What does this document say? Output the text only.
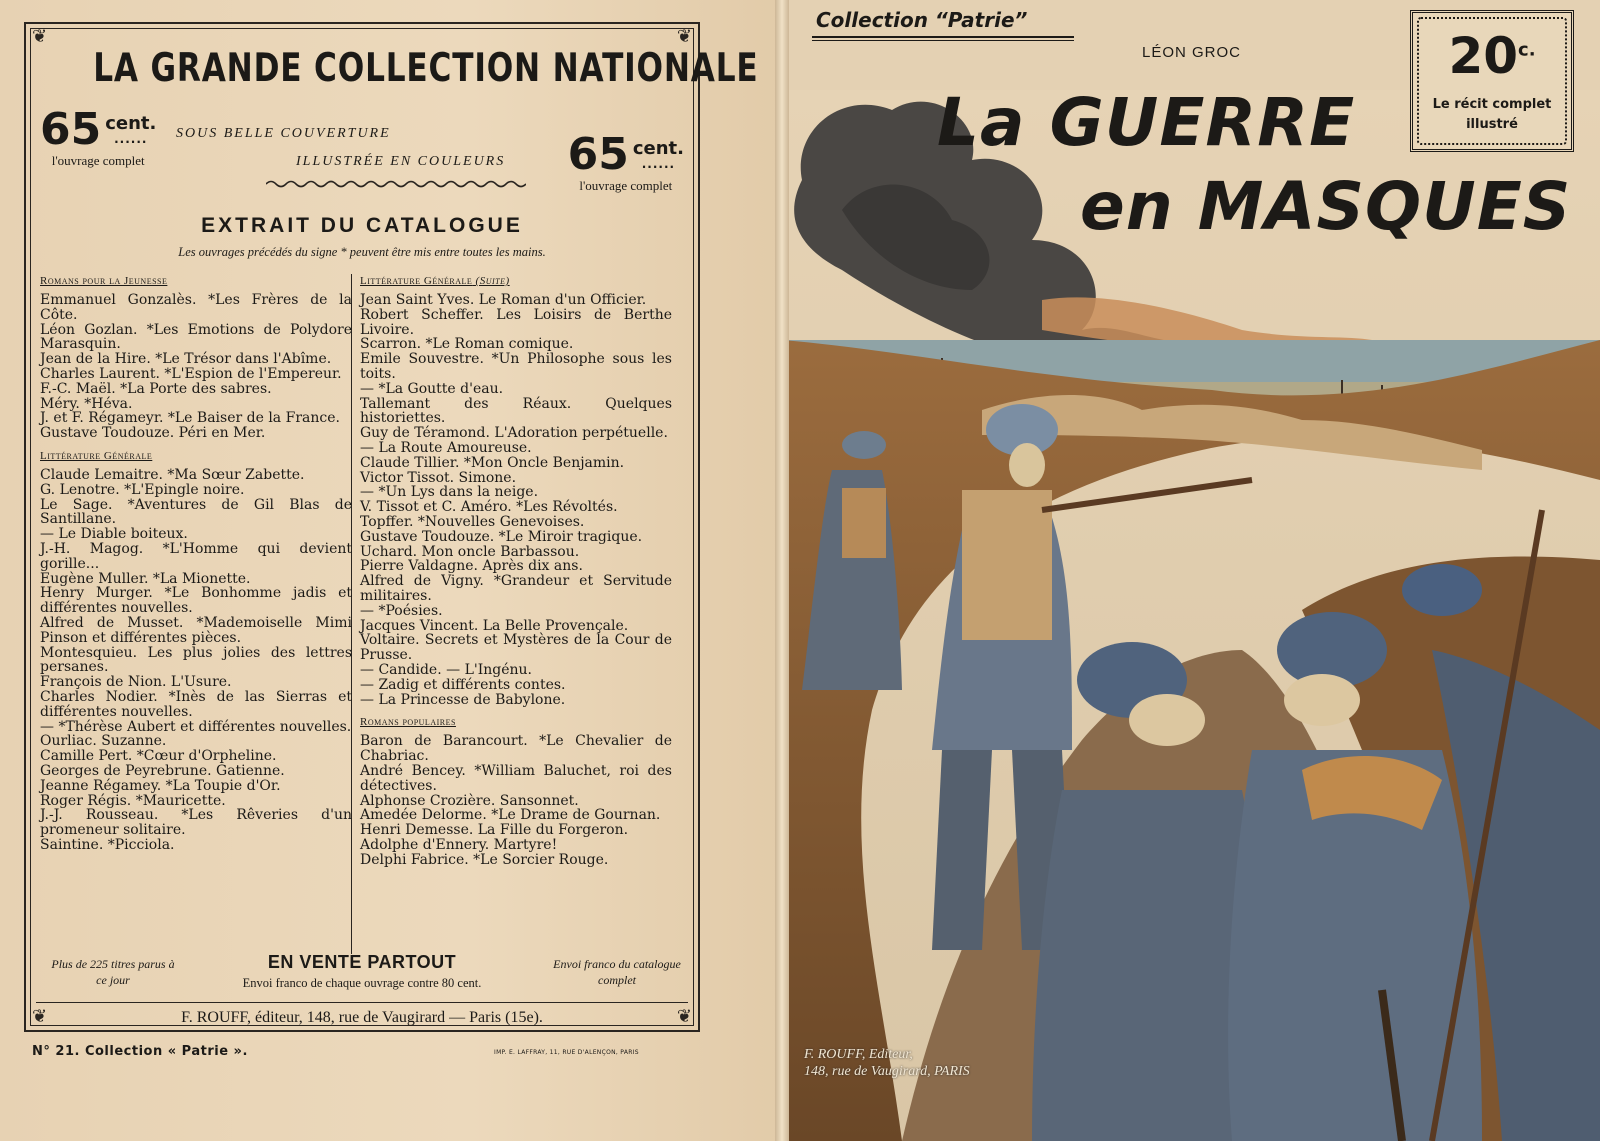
❦	❦
❦	❦
LA GRANDE COLLECTION NATIONALE
65 cent. ......
l'ouvrage complet
SOUS BELLE COUVERTURE
ILLUSTRÉE EN COULEURS 65 cent. ......
l'ouvrage complet
EXTRAIT DU CATALOGUE
Les ouvrages précédés du signe * peuvent être mis entre toutes les mains.
Romans pour la Jeunesse
Emmanuel Gonzalès. *Les Frères de la Côte.
Léon Gozlan. *Les Emotions de Polydore Marasquin.
Jean de la Hire. *Le Trésor dans l'Abîme.
Charles Laurent. *L'Espion de l'Empereur.
F.-C. Maël. *La Porte des sabres.
Méry. *Héva.
J. et F. Régameyr. *Le Baiser de la France.
Gustave Toudouze. Péri en Mer.
Littérature Générale
Claude Lemaitre. *Ma Sœur Zabette.
G. Lenotre. *L'Epingle noire.
Le Sage. *Aventures de Gil Blas de Santillane.
— Le Diable boiteux.
J.-H. Magog. *L'Homme qui devient gorille...
Eugène Muller. *La Mionette.
Henry Murger. *Le Bonhomme jadis et différentes nouvelles.
Alfred de Musset. *Mademoiselle Mimi Pinson et différentes pièces.
Montesquieu. Les plus jolies des lettres persanes.
François de Nion. L'Usure.
Charles Nodier. *Inès de las Sierras et différentes nouvelles.
— *Thérèse Aubert et différentes nouvelles.
Ourliac. Suzanne.
Camille Pert. *Cœur d'Orpheline.
Georges de Peyrebrune. Gatienne.
Jeanne Régamey. *La Toupie d'Or.
Roger Régis. *Mauricette.
J.-J. Rousseau. *Les Rêveries d'un promeneur solitaire.
Saintine. *Picciola.
Littérature Générale (Suite)
Jean Saint Yves. Le Roman d'un Officier.
Robert Scheffer. Les Loisirs de Berthe Livoire.
Scarron. *Le Roman comique.
Emile Souvestre. *Un Philosophe sous les toits.
— *La Goutte d'eau.
Tallemant des Réaux. Quelques historiettes.
Guy de Téramond. L'Adoration perpétuelle.
— La Route Amoureuse.
Claude Tillier. *Mon Oncle Benjamin.
Victor Tissot. Simone.
— *Un Lys dans la neige.
V. Tissot et C. Améro. *Les Révoltés.
Topffer. *Nouvelles Genevoises.
Gustave Toudouze. *Le Miroir tragique.
Uchard. Mon oncle Barbassou.
Pierre Valdagne. Après dix ans.
Alfred de Vigny. *Grandeur et Servitude militaires.
— *Poésies.
Jacques Vincent. La Belle Provençale.
Voltaire. Secrets et Mystères de la Cour de Prusse.
— Candide. — L'Ingénu.
— Zadig et différents contes.
— La Princesse de Babylone.
Romans populaires
Baron de Barancourt. *Le Chevalier de Chabriac.
André Bencey. *William Baluchet, roi des détectives.
Alphonse Crozière. Sansonnet.
Amedée Delorme. *Le Drame de Gournan.
Henri Demesse. La Fille du Forgeron.
Adolphe d'Ennery. Martyre!
Delphi Fabrice. *Le Sorcier Rouge.
Plus de 225 titres parus à ce jour
EN VENTE PARTOUT
Envoi franco de chaque ouvrage contre 80 cent.
Envoi franco du catalogue complet
F. ROUFF, éditeur, 148, rue de Vaugirard — Paris (15e).
N° 21. Collection « Patrie ».	IMP. E. LAFFRAY, 11, RUE D'ALENÇON, PARIS
Collection “Patrie”
LÉON GROC
La GUERRE
en MASQUES
$20^{c.}$
Le récit complet illustré
F. ROUFF, Editeur,
148, rue de Vaugirard, PARIS
